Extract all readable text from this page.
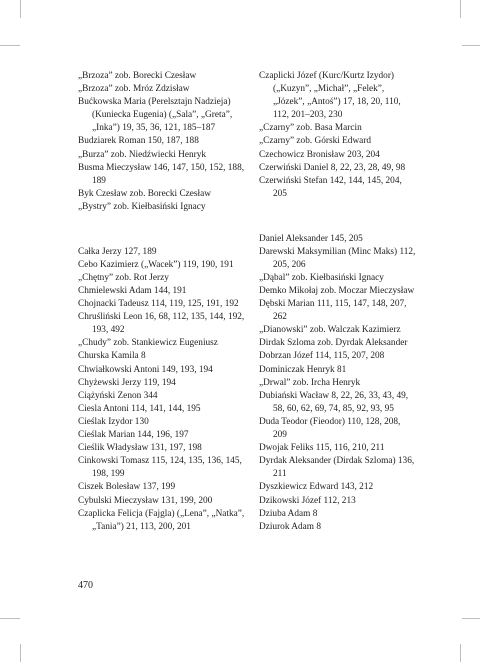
„Brzoza” zob. Borecki Czesław

„Brzoza” zob. Mróz Zdzisław

Bućkowska Maria (Perelsztajn Nadzieja) (Kuniecka Eugenia) („Sala”, „Greta”, „Inka”) 19, 35, 36, 121, 185–187

Budziarek Roman 150, 187, 188

„Burza” zob. Niedźwiecki Henryk

Busma Mieczysław 146, 147, 150, 152, 188, 189

Byk Czesław zob. Borecki Czesław

„Bystry” zob. Kiełbasiński Ignacy

Całka Jerzy 127, 189

Cebo Kazimierz („Wacek”) 119, 190, 191

„Chętny” zob. Rot Jerzy

Chmielewski Adam 144, 191

Chojnacki Tadeusz 114, 119, 125, 191, 192

Chruśliński Leon 16, 68, 112, 135, 144, 192, 193, 492

„Chudy” zob. Stankiewicz Eugeniusz

Churska Kamila 8

Chwiałkowski Antoni 149, 193, 194

Chyżewski Jerzy 119, 194

Ciążyński Zenon 344

Ciesla Antoni 114, 141, 144, 195

Cieślak Izydor 130

Cieślak Marian 144, 196, 197

Cieślik Władysław 131, 197, 198

Cinkowski Tomasz 115, 124, 135, 136, 145, 198, 199

Ciszek Bolesław 137, 199

Cybulski Mieczysław 131, 199, 200

Czaplicka Felicja (Fajgla) („Lena”, „Natka”, „Tania”) 21, 113, 200, 201

Czaplicki Józef (Kurc/Kurtz Izydor) („Kuzyn”, „Michał”, „Felek”, „Józek”, „Antoś”) 17, 18, 20, 110, 112, 201–203, 230

„Czarny” zob. Basa Marcin

„Czarny” zob. Górski Edward

Czechowicz Bronisław 203, 204

Czerwiński Daniel 8, 22, 23, 28, 49, 98

Czerwiński Stefan 142, 144, 145, 204, 205

Daniel Aleksander 145, 205

Darewski Maksymilian (Minc Maks) 112, 205, 206

„Dąbal” zob. Kiełbasiński Ignacy

Demko Mikołaj zob. Moczar Mieczysław

Dębski Marian 111, 115, 147, 148, 207, 262

„Dianowski” zob. Walczak Kazimierz

Dirdak Szloma zob. Dyrdak Aleksander

Dobrzan Józef 114, 115, 207, 208

Dominiczak Henryk 81

„Drwal” zob. Ircha Henryk

Dubiański Wacław 8, 22, 26, 33, 43, 49, 58, 60, 62, 69, 74, 85, 92, 93, 95

Duda Teodor (Fieodor) 110, 128, 208, 209

Dwojak Feliks 115, 116, 210, 211

Dyrdak Aleksander (Dirdak Szloma) 136, 211

Dyszkiewicz Edward 143, 212

Dzikowski Józef 112, 213

Dziuba Adam 8

Dziurok Adam 8

470
